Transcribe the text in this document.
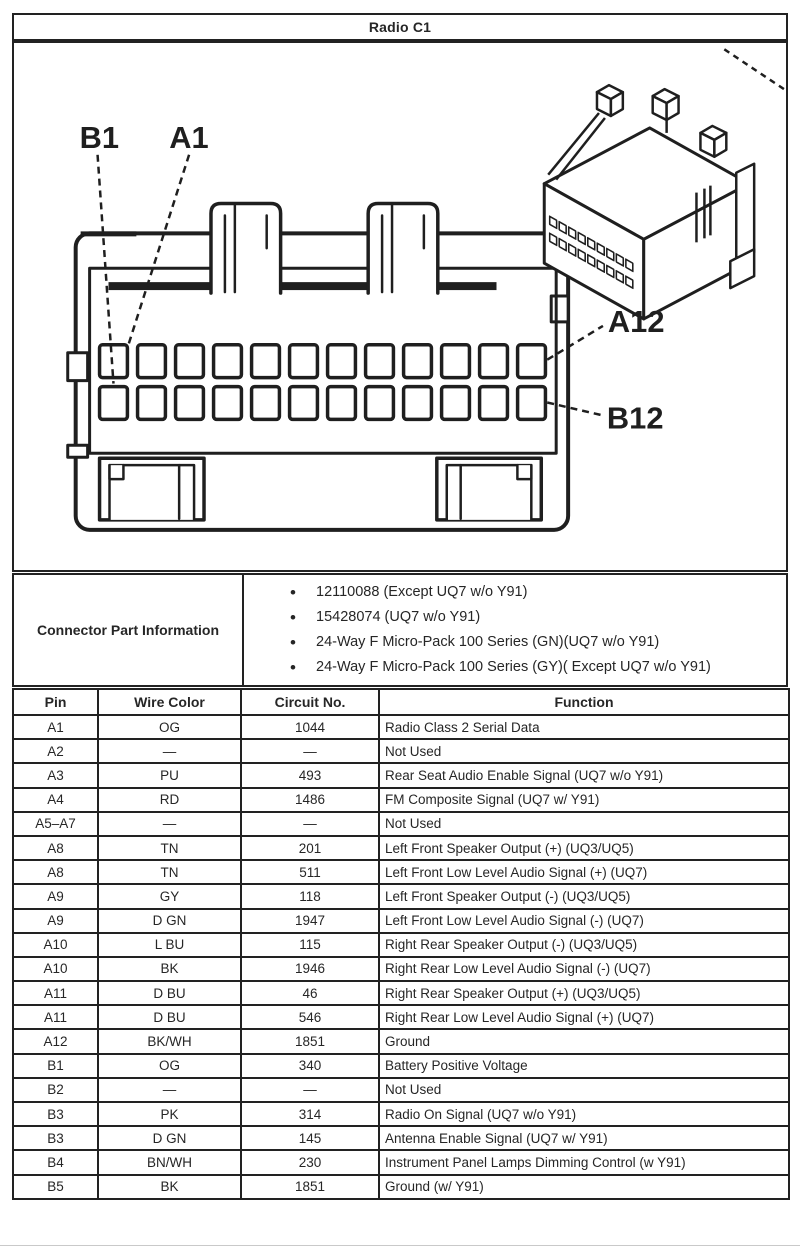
Radio C1
B1 A1
A12
B12
Connector Part Information
• 12110088 (Except UQ7 w/o Y91)
• 15428074 (UQ7 w/o Y91)
• 24-Way F Micro-Pack 100 Series (GN)(UQ7 w/o Y91)
• 24-Way F Micro-Pack 100 Series (GY)( Except UQ7 w/o Y91)
Pin	Wire Color	Circuit No.	Function
A1	OG	1044	Radio Class 2 Serial Data
A2	—	—	Not Used
A3	PU	493	Rear Seat Audio Enable Signal (UQ7 w/o Y91)
A4	RD	1486	FM Composite Signal (UQ7 w/ Y91)
A5–A7	—	—	Not Used
A8	TN	201	Left Front Speaker Output (+) (UQ3/UQ5)
A8	TN	511	Left Front Low Level Audio Signal (+) (UQ7)
A9	GY	118	Left Front Speaker Output (-) (UQ3/UQ5)
A9	D GN	1947	Left Front Low Level Audio Signal (-) (UQ7)
A10	L BU	115	Right Rear Speaker Output (-) (UQ3/UQ5)
A10	BK	1946	Right Rear Low Level Audio Signal (-) (UQ7)
A11	D BU	46	Right Rear Speaker Output (+) (UQ3/UQ5)
A11	D BU	546	Right Rear Low Level Audio Signal (+) (UQ7)
A12	BK/WH	1851	Ground
B1	OG	340	Battery Positive Voltage
B2	—	—	Not Used
B3	PK	314	Radio On Signal (UQ7 w/o Y91)
B3	D GN	145	Antenna Enable Signal (UQ7 w/ Y91)
B4	BN/WH	230	Instrument Panel Lamps Dimming Control (w Y91)
B5	BK	1851	Ground (w/ Y91)
